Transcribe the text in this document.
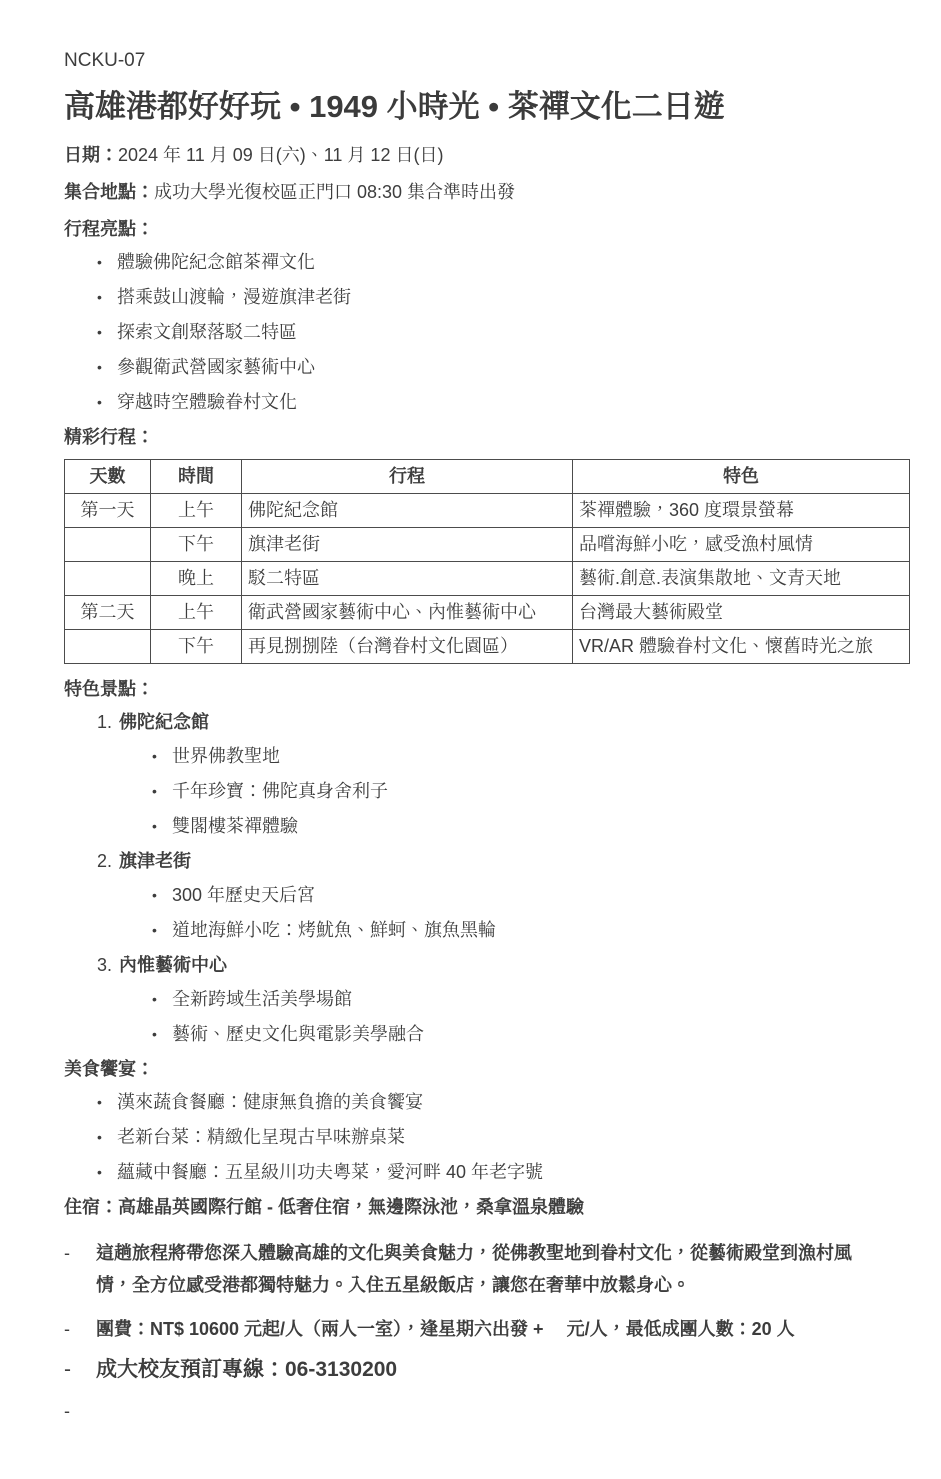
NCKU-07
高雄港都好好玩 • 1949 小時光 • 茶禪文化二日遊
日期：2024 年 11 月 09 日(六)、11 月 12 日(日)
集合地點：成功大學光復校區正門口 08:30 集合準時出發
行程亮點：
• 體驗佛陀紀念館茶禪文化
• 搭乘鼓山渡輪，漫遊旗津老街
• 探索文創聚落駁二特區
• 參觀衛武營國家藝術中心
• 穿越時空體驗眷村文化
精彩行程：
天數	時間	行程	特色
第一天	上午	佛陀紀念館	茶禪體驗，360 度環景螢幕
	下午	旗津老街	品嚐海鮮小吃，感受漁村風情
	晚上	駁二特區	藝術.創意.表演集散地、文青天地
第二天	上午	衛武營國家藝術中心、內惟藝術中心	台灣最大藝術殿堂
	下午	再見捌捌陸（台灣眷村文化園區）	VR/AR 體驗眷村文化、懷舊時光之旅
特色景點：
1. 佛陀紀念館
• 世界佛教聖地
• 千年珍寶：佛陀真身舍利子
• 雙閣樓茶禪體驗
2. 旗津老街
• 300 年歷史天后宮
• 道地海鮮小吃：烤魷魚、鮮蚵、旗魚黑輪
3. 內惟藝術中心
• 全新跨域生活美學場館
• 藝術、歷史文化與電影美學融合
美食饗宴：
• 漢來蔬食餐廳：健康無負擔的美食饗宴
• 老新台菜：精緻化呈現古早味辦桌菜
• 蘊藏中餐廳：五星級川功夫粵菜，愛河畔 40 年老字號
住宿：高雄晶英國際行館 - 低奢住宿，無邊際泳池，桑拿溫泉體驗
-	這趟旅程將帶您深入體驗高雄的文化與美食魅力，從佛教聖地到眷村文化，從藝術殿堂到漁村風情，全方位感受港都獨特魅力。入住五星級飯店，讓您在奢華中放鬆身心。
-	團費：NT$ 10600 元起/人（兩人一室），逢星期六出發 +　 元/人，最低成團人數：20 人
-	成大校友預訂專線：06-3130200
-
